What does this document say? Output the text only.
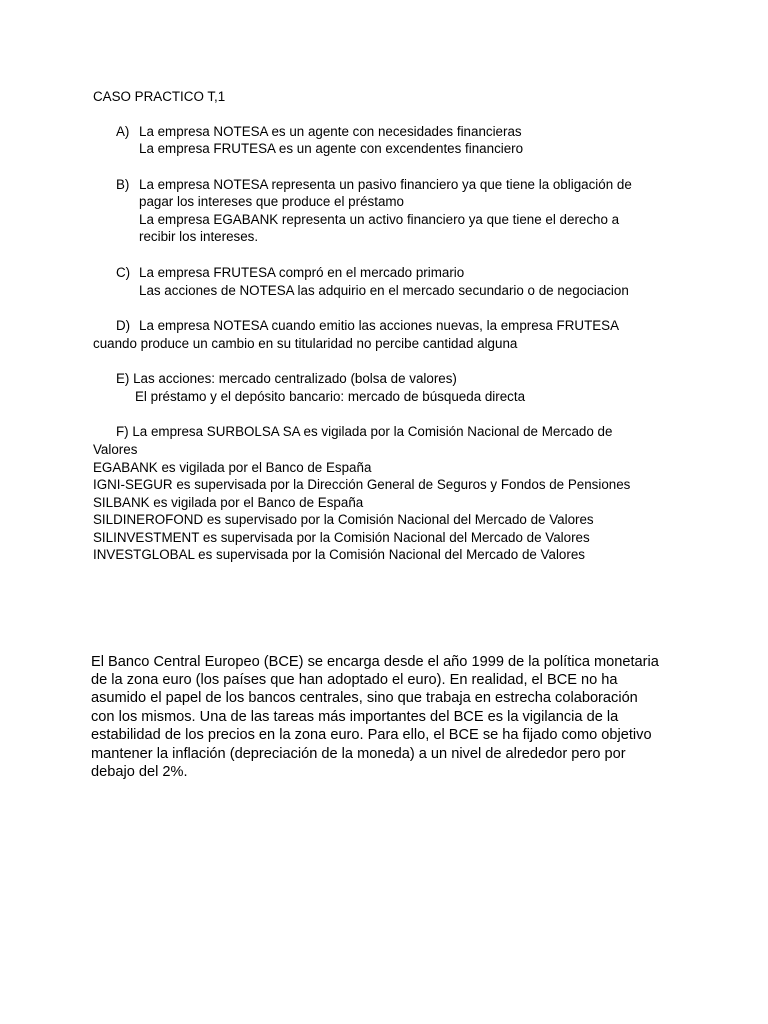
CASO PRACTICO T,1
A) La empresa NOTESA es un agente con necesidades financieras
La empresa FRUTESA es un agente con excendentes financiero
B) La empresa NOTESA representa un pasivo financiero ya que tiene la obligación de
pagar los intereses que produce el préstamo
La empresa EGABANK representa un activo financiero ya que tiene el derecho a
recibir los intereses.
C) La empresa FRUTESA compró en el mercado primario
Las acciones de NOTESA las adquirio en el mercado secundario o de negociacion
D) La empresa NOTESA cuando emitio las acciones nuevas, la empresa FRUTESA
cuando produce un cambio en su titularidad no percibe cantidad alguna
E) Las acciones: mercado centralizado (bolsa de valores)
El préstamo y el depósito bancario: mercado de búsqueda directa
F) La empresa SURBOLSA SA es vigilada por la Comisión Nacional de Mercado de
Valores
EGABANK es vigilada por el Banco de España
IGNI-SEGUR es supervisada por la Dirección General de Seguros y Fondos de Pensiones
SILBANK es vigilada por el Banco de España
SILDINEROFOND es supervisado por la Comisión Nacional del Mercado de Valores
SILINVESTMENT es supervisada por la Comisión Nacional del Mercado de Valores
INVESTGLOBAL es supervisada por la Comisión Nacional del Mercado de Valores
El Banco Central Europeo (BCE) se encarga desde el año 1999 de la política monetaria
de la zona euro (los países que han adoptado el euro). En realidad, el BCE no ha
asumido el papel de los bancos centrales, sino que trabaja en estrecha colaboración
con los mismos. Una de las tareas más importantes del BCE es la vigilancia de la
estabilidad de los precios en la zona euro. Para ello, el BCE se ha fijado como objetivo
mantener la inflación (depreciación de la moneda) a un nivel de alrededor pero por
debajo del 2%.
